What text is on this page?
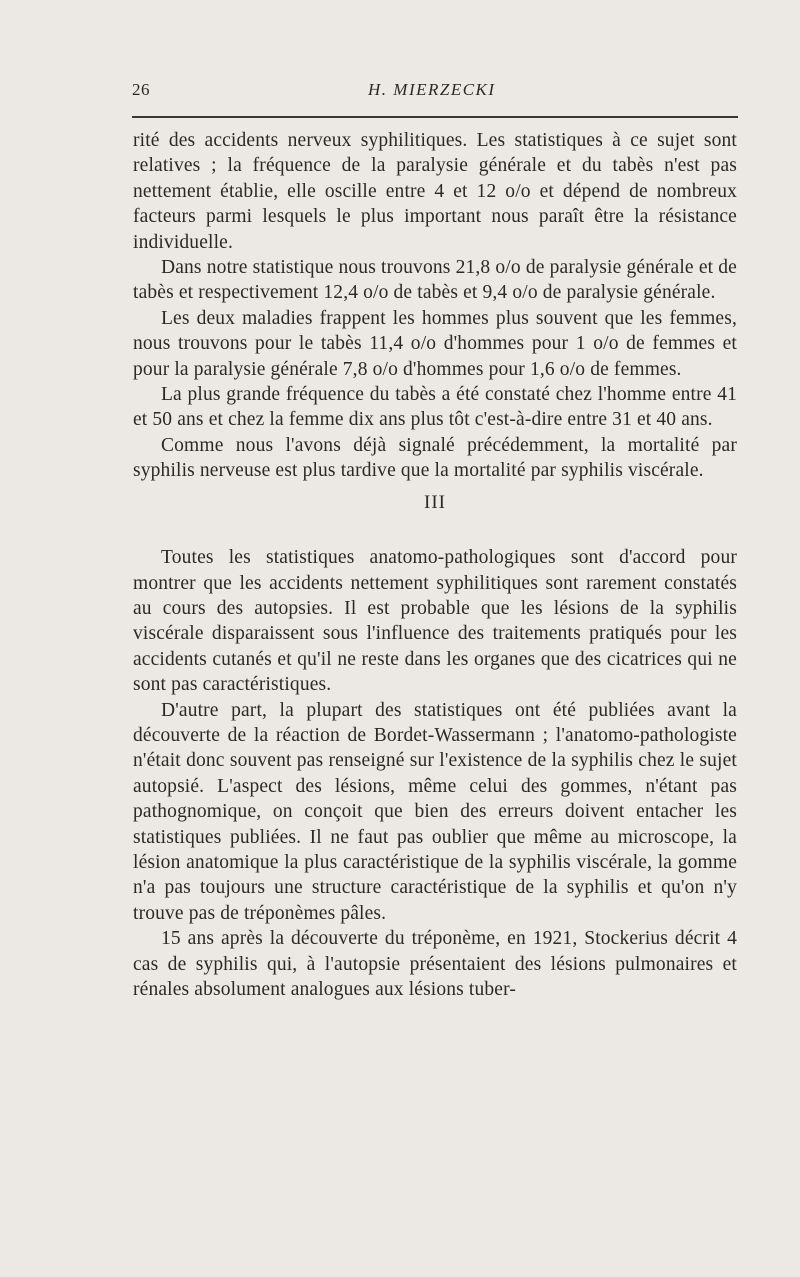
26	H. MIERZECKI

rité des accidents nerveux syphilitiques. Les statistiques à ce sujet sont relatives ; la fréquence de la paralysie générale et du tabès n'est pas nettement établie, elle oscille entre 4 et 12 o/o et dépend de nombreux facteurs parmi lesquels le plus important nous paraît être la résistance individuelle.

Dans notre statistique nous trouvons 21,8 o/o de paralysie générale et de tabès et respectivement 12,4 o/o de tabès et 9,4 o/o de paralysie générale.

Les deux maladies frappent les hommes plus souvent que les femmes, nous trouvons pour le tabès 11,4 o/o d'hommes pour 1 o/o de femmes et pour la paralysie générale 7,8 o/o d'hommes pour 1,6 o/o de femmes.

La plus grande fréquence du tabès a été constaté chez l'homme entre 41 et 50 ans et chez la femme dix ans plus tôt c'est-à-dire entre 31 et 40 ans.

Comme nous l'avons déjà signalé précédemment, la mortalité par syphilis nerveuse est plus tardive que la mortalité par syphilis viscérale.

III

Toutes les statistiques anatomo-pathologiques sont d'accord pour montrer que les accidents nettement syphilitiques sont rarement constatés au cours des autopsies. Il est probable que les lésions de la syphilis viscérale disparaissent sous l'influence des traitements pratiqués pour les accidents cutanés et qu'il ne reste dans les organes que des cicatrices qui ne sont pas caractéristiques.

D'autre part, la plupart des statistiques ont été publiées avant la découverte de la réaction de Bordet-Wassermann ; l'anatomo-pathologiste n'était donc souvent pas renseigné sur l'existence de la syphilis chez le sujet autopsié. L'aspect des lésions, même celui des gommes, n'étant pas pathognomique, on conçoit que bien des erreurs doivent entacher les statistiques publiées. Il ne faut pas oublier que même au microscope, la lésion anatomique la plus caractéristique de la syphilis viscérale, la gomme n'a pas toujours une structure caractéristique de la syphilis et qu'on n'y trouve pas de tréponèmes pâles.

15 ans après la découverte du tréponème, en 1921, Stockerius décrit 4 cas de syphilis qui, à l'autopsie présentaient des lésions pulmonaires et rénales absolument analogues aux lésions tuber-
